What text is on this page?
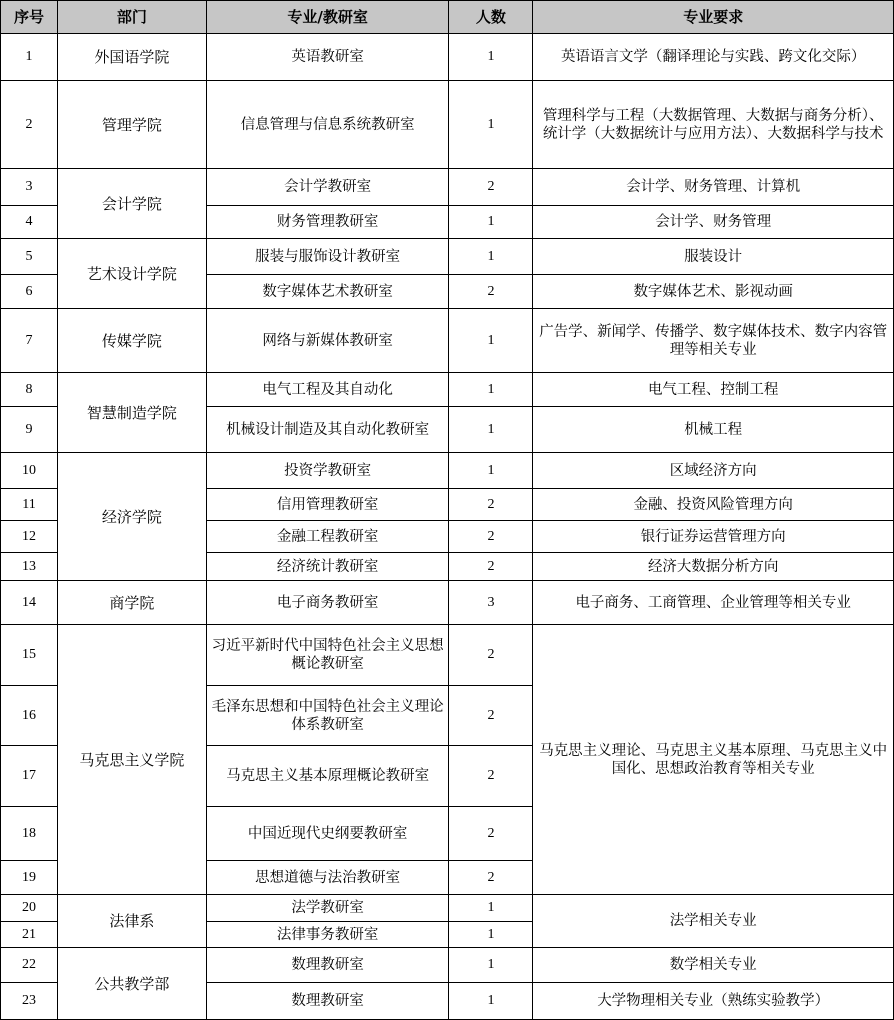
序号	部门	专业/教研室	人数	专业要求
1	外国语学院	英语教研室	1	英语语言文学（翻译理论与实践、跨文化交际）
2	管理学院	信息管理与信息系统教研室	1	管理科学与工程（大数据管理、大数据与商务分析）、统计学（大数据统计与应用方法）、大数据科学与技术
3	会计学院	会计学教研室	2	会计学、财务管理、计算机
4		财务管理教研室	1	会计学、财务管理
5	艺术设计学院	服装与服饰设计教研室	1	服装设计
6		数字媒体艺术教研室	2	数字媒体艺术、影视动画
7	传媒学院	网络与新媒体教研室	1	广告学、新闻学、传播学、数字媒体技术、数字内容管理等相关专业
8	智慧制造学院	电气工程及其自动化	1	电气工程、控制工程
9		机械设计制造及其自动化教研室	1	机械工程
10	经济学院	投资学教研室	1	区域经济方向
11		信用管理教研室	2	金融、投资风险管理方向
12		金融工程教研室	2	银行证券运营管理方向
13		经济统计教研室	2	经济大数据分析方向
14	商学院	电子商务教研室	3	电子商务、工商管理、企业管理等相关专业
15	马克思主义学院	习近平新时代中国特色社会主义思想概论教研室	2	马克思主义理论、马克思主义基本原理、马克思主义中国化、思想政治教育等相关专业
16		毛泽东思想和中国特色社会主义理论体系教研室	2	
17		马克思主义基本原理概论教研室	2	
18		中国近现代史纲要教研室	2	
19		思想道德与法治教研室	2	
20	法律系	法学教研室	1	法学相关专业
21		法律事务教研室	1	
22	公共教学部	数理教研室	1	数学相关专业
23		数理教研室	1	大学物理相关专业（熟练实验教学）
